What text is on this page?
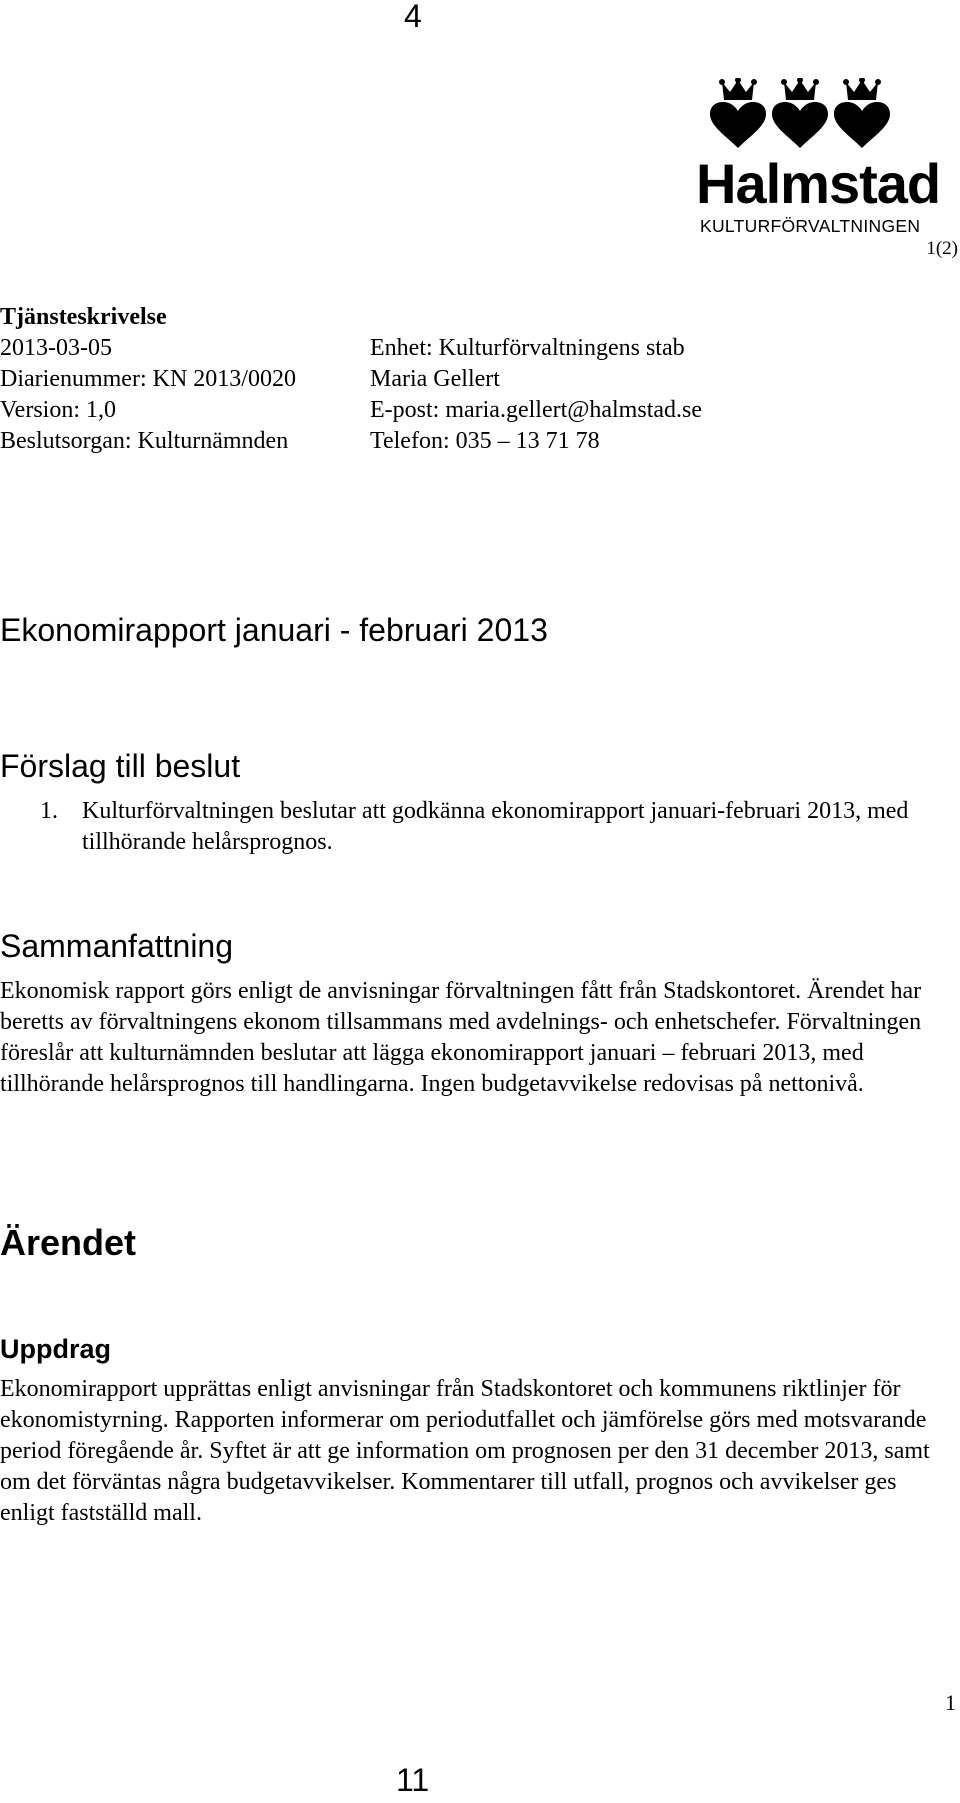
4
Halmstad
KULTURFÖRVALTNINGEN
1(2)
Tjänsteskrivelse
2013-03-05	Enhet: Kulturförvaltningens stab
Diarienummer: KN 2013/0020	Maria Gellert
Version: 1,0	E-post: maria.gellert@halmstad.se
Beslutsorgan: Kulturnämnden	Telefon: 035 – 13 71 78
Ekonomirapport januari - februari 2013
Förslag till beslut
1. Kulturförvaltningen beslutar att godkänna ekonomirapport januari-februari 2013, med tillhörande helårsprognos.
Sammanfattning
Ekonomisk rapport görs enligt de anvisningar förvaltningen fått från Stadskontoret. Ärendet har beretts av förvaltningens ekonom tillsammans med avdelnings- och enhetschefer. Förvaltningen föreslår att kulturnämnden beslutar att lägga ekonomirapport januari – februari 2013, med tillhörande helårsprognos till handlingarna. Ingen budgetavvikelse redovisas på nettonivå.
Ärendet
Uppdrag
Ekonomirapport upprättas enligt anvisningar från Stadskontoret och kommunens riktlinjer för ekonomistyrning. Rapporten informerar om periodutfallet och jämförelse görs med motsvarande period föregående år. Syftet är att ge information om prognosen per den 31 december 2013, samt om det förväntas några budgetavvikelser. Kommentarer till utfall, prognos och avvikelser ges enligt fastställd mall.
1
11
